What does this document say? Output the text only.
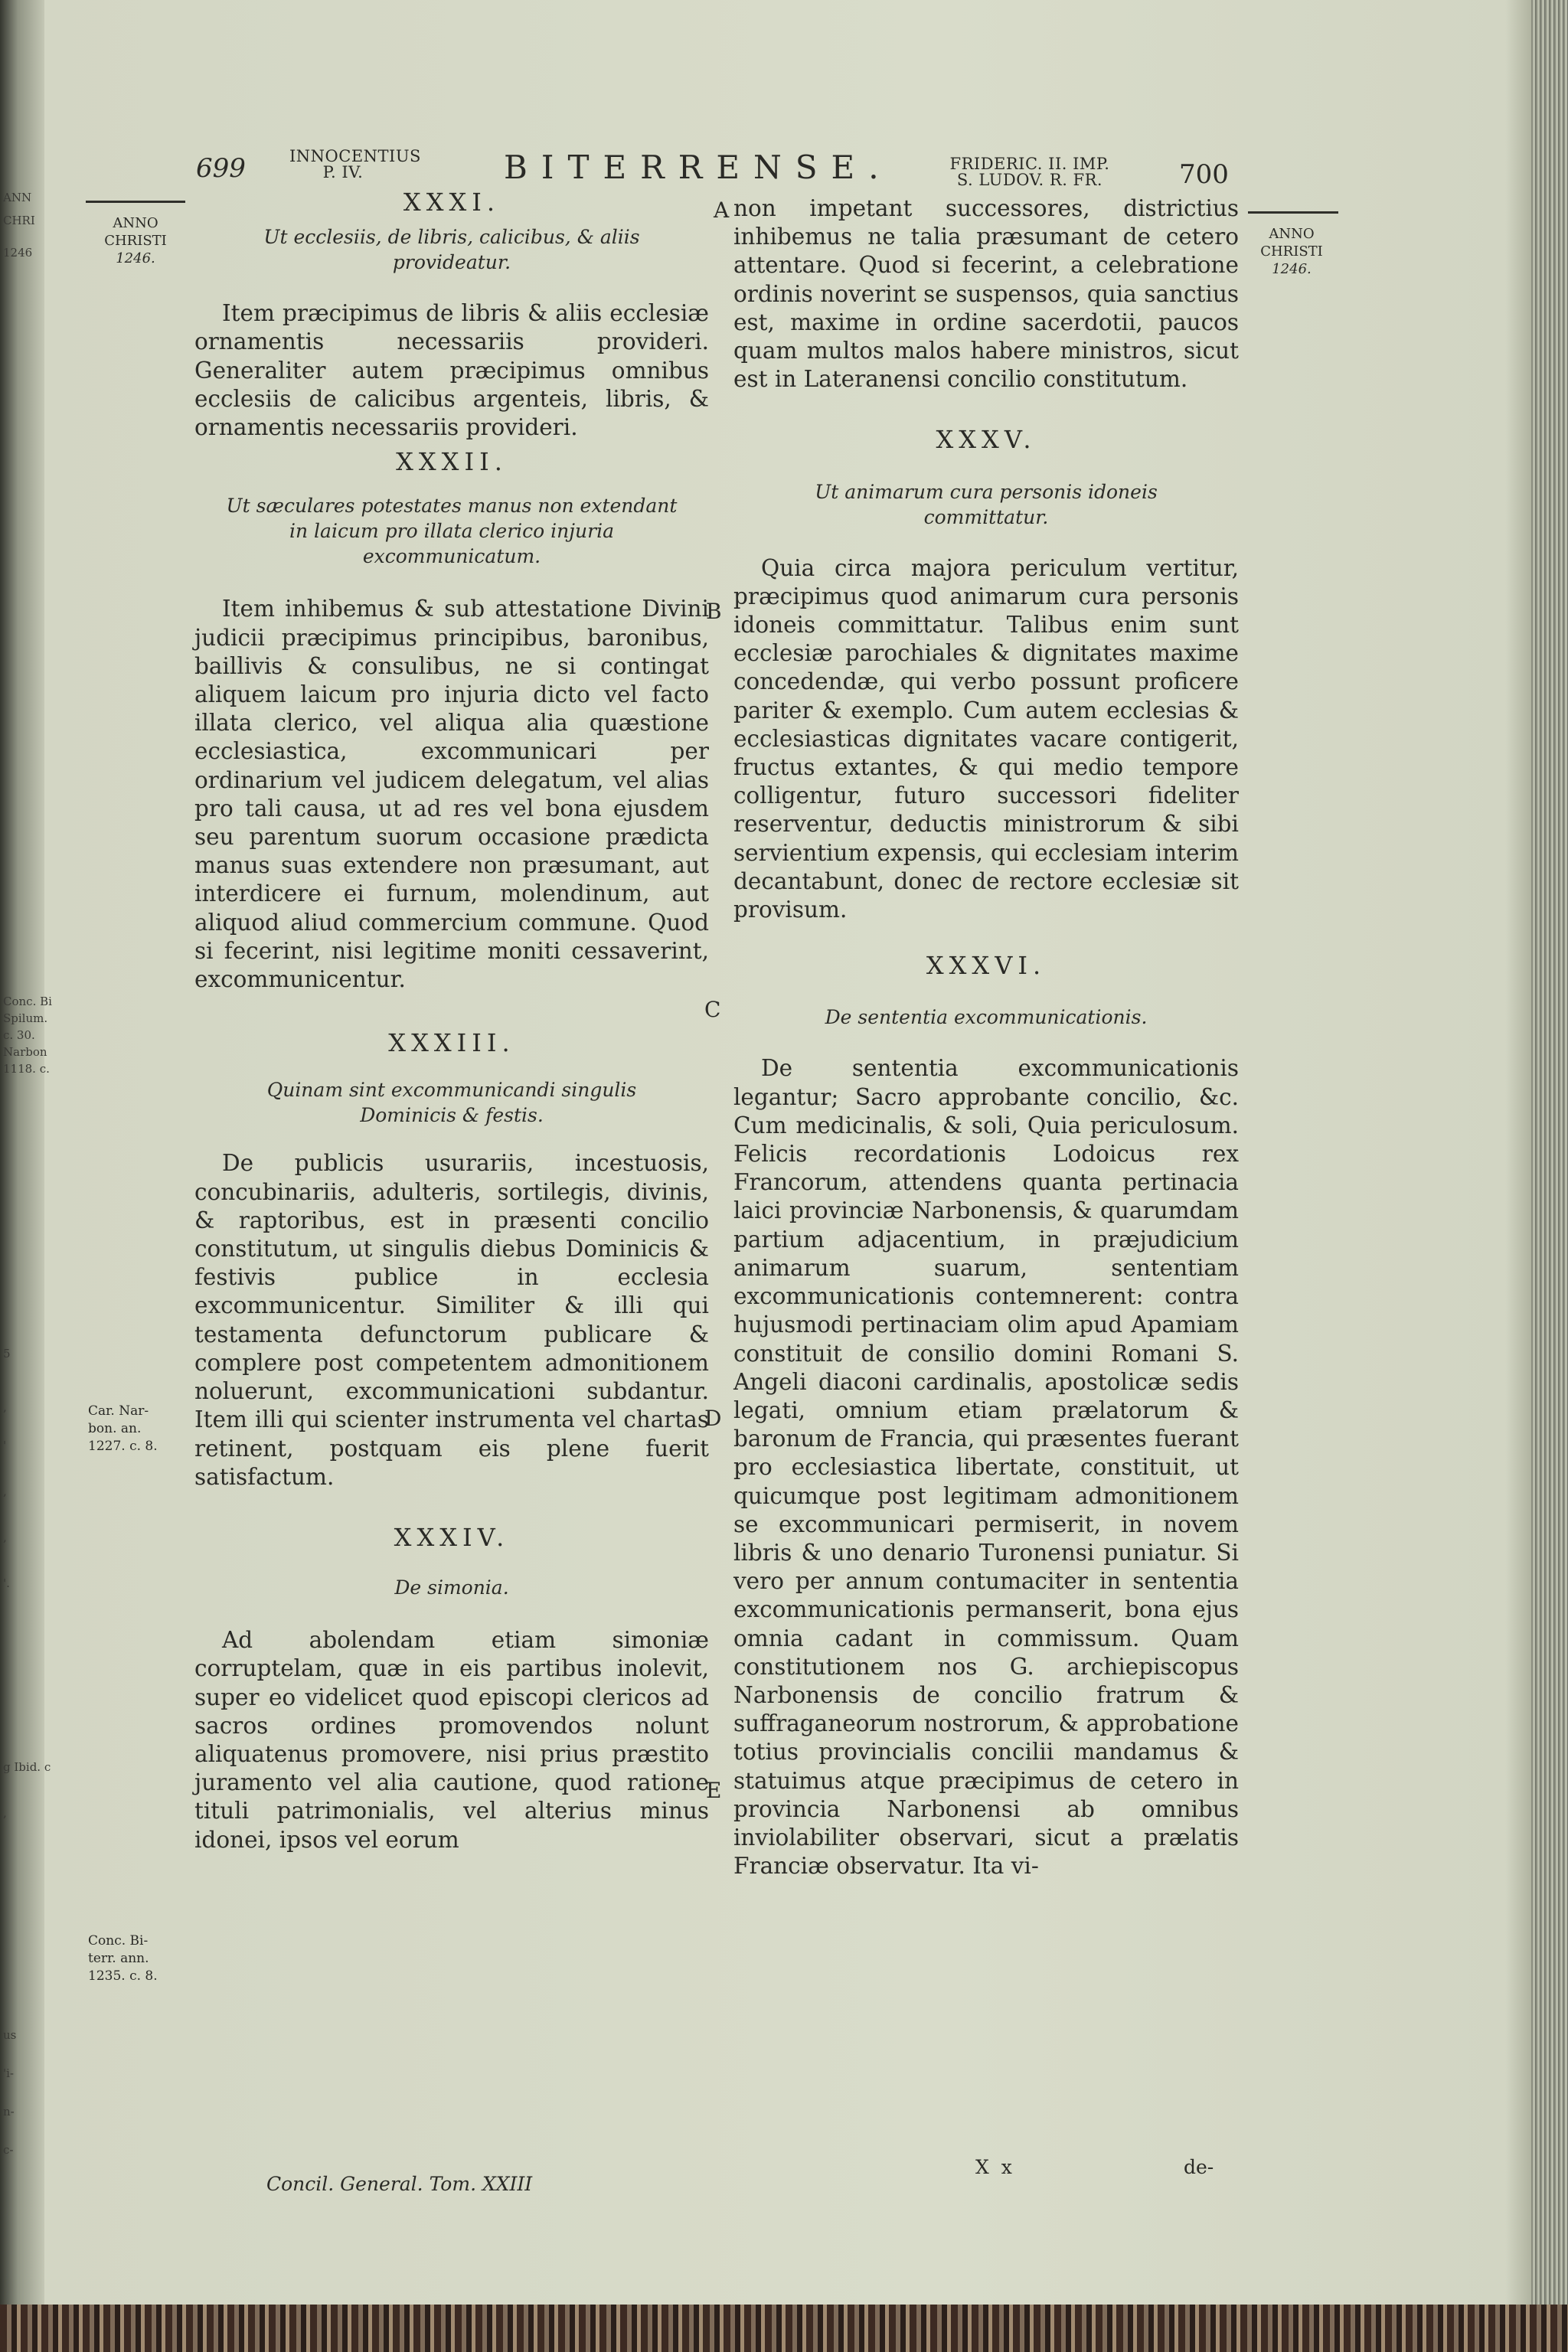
ANN
CHRI
1246
Conc. Bi
Spilum.
c. 30.
Narbon
1118. c.
5
,
'
,
,
'.
g Ibid. c
,
us
'i-
n-
c-
699	INNOCENTIUS
P. IV.	BITERRENSE.	FRIDERIC. II. IMP.
S. LUDOV. R. FR.	700
ANNO
CHRISTI
1246.
Car. Nar-
bon. an.
1227. c. 8.
Conc. Bi-
terr. ann.
1235. c. 8.
ANNO
CHRISTI
1246.
A
B
C
D
E
XXXI.
Ut ecclesiis, de libris, calicibus, & aliis
provideatur.

Item præcipimus de libris & aliis ecclesiæ ornamentis necessariis provideri. Generaliter autem præcipimus omnibus ecclesiis de calicibus argenteis, libris, & ornamentis necessariis provideri.

XXXII.
Ut sæculares potestates manus non extendant
in laicum pro illata clerico injuria
excommunicatum.

Item inhibemus & sub attestatione Divini judicii præcipimus principibus, baronibus, baillivis & consulibus, ne si contingat aliquem laicum pro injuria dicto vel facto illata clerico, vel aliqua alia quæstione ecclesiastica, excommunicari per ordinarium vel judicem delegatum, vel alias pro tali causa, ut ad res vel bona ejusdem seu parentum suorum occasione prædicta manus suas extendere non præsumant, aut interdicere ei furnum, molendinum, aut aliquod aliud commercium commune. Quod si fecerint, nisi legitime moniti cessaverint, excommunicentur.

XXXIII.
Quinam sint excommunicandi singulis
Dominicis & festis.

De publicis usurariis, incestuosis, concubinariis, adulteris, sortilegis, divinis, & raptoribus, est in præsenti concilio constitutum, ut singulis diebus Dominicis & festivis publice in ecclesia excommunicentur. Similiter & illi qui testamenta defunctorum publicare & complere post competentem admonitionem noluerunt, excommunicationi subdantur. Item illi qui scienter instrumenta vel chartas retinent, postquam eis plene fuerit satisfactum.

XXXIV.
De simonia.

Ad abolendam etiam simoniæ corruptelam, quæ in eis partibus inolevit, super eo videlicet quod episcopi clericos ad sacros ordines promovendos nolunt aliquatenus promovere, nisi prius præstito juramento vel alia cautione, quod ratione tituli patrimonialis, vel alterius minus idonei, ipsos vel eorum

Concil. General. Tom. XXIII

non impetant successores, districtius inhibemus ne talia præsumant de cetero attentare. Quod si fecerint, a celebratione ordinis noverint se suspensos, quia sanctius est, maxime in ordine sacerdotii, paucos quam multos malos habere ministros, sicut est in Lateranensi concilio constitutum.

XXXV.
Ut animarum cura personis idoneis
committatur.

Quia circa majora periculum vertitur, præcipimus quod animarum cura personis idoneis committatur. Talibus enim sunt ecclesiæ parochiales & dignitates maxime concedendæ, qui verbo possunt proficere pariter & exemplo. Cum autem ecclesias & ecclesiasticas dignitates vacare contigerit, fructus extantes, & qui medio tempore colligentur, futuro successori fideliter reserventur, deductis ministrorum & sibi servientium expensis, qui ecclesiam interim decantabunt, donec de rectore ecclesiæ sit provisum.

XXXVI.
De sententia excommunicationis.

De sententia excommunicationis legantur; Sacro approbante concilio, &c. Cum medicinalis, & soli, Quia periculosum. Felicis recordationis Lodoicus rex Francorum, attendens quanta pertinacia laici provinciæ Narbonensis, & quarumdam partium adjacentium, in præjudicium animarum suarum, sententiam excommunicationis contemnerent: contra hujusmodi pertinaciam olim apud Apamiam constituit de consilio domini Romani S. Angeli diaconi cardinalis, apostolicæ sedis legati, omnium etiam prælatorum & baronum de Francia, qui præsentes fuerant pro ecclesiastica libertate, constituit, ut quicumque post legitimam admonitionem se excommunicari permiserit, in novem libris & uno denario Turonensi puniatur. Si vero per annum contumaciter in sententia excommunicationis permanserit, bona ejus omnia cadant in commissum. Quam constitutionem nos G. archiepiscopus Narbonensis de concilio fratrum & suffraganeorum nostrorum, & approbatione totius provincialis concilii mandamus & statuimus atque præcipimus de cetero in provincia Narbonensi ab omnibus inviolabiliter observari, sicut a prælatis Franciæ observatur. Ita vi-

X x	de-
